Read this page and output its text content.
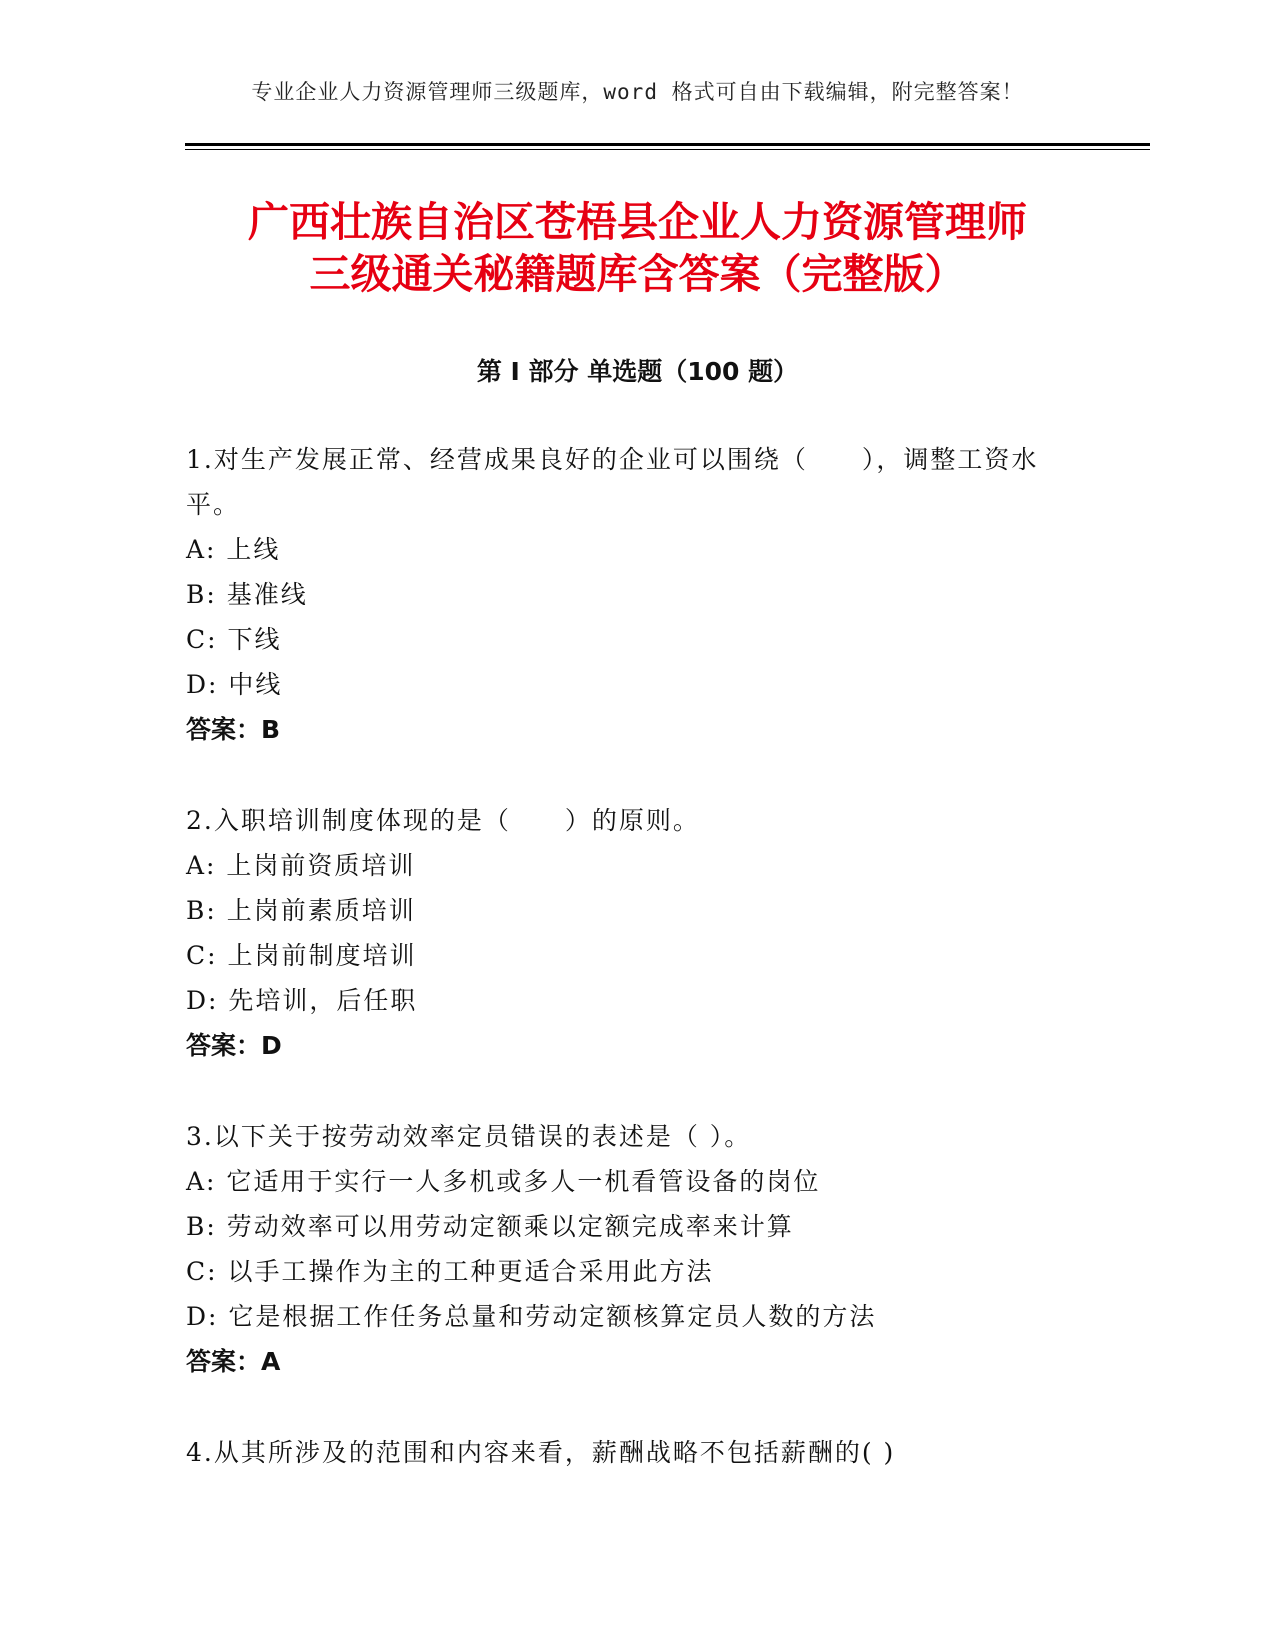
专业企业人力资源管理师三级题库，word 格式可自由下载编辑，附完整答案！
广西壮族自治区苍梧县企业人力资源管理师
三级通关秘籍题库含答案（完整版）
第 I 部分 单选题（100 题）
1.对生产发展正常、经营成果良好的企业可以围绕（　　），调整工资水平。
A: 上线
B: 基准线
C: 下线
D: 中线
答案：B
2.入职培训制度体现的是（　　）的原则。
A: 上岗前资质培训
B: 上岗前素质培训
C: 上岗前制度培训
D: 先培训，后任职
答案：D
3.以下关于按劳动效率定员错误的表述是（ ）。
A: 它适用于实行一人多机或多人一机看管设备的岗位
B: 劳动效率可以用劳动定额乘以定额完成率来计算
C: 以手工操作为主的工种更适合采用此方法
D: 它是根据工作任务总量和劳动定额核算定员人数的方法
答案：A
4.从其所涉及的范围和内容来看，薪酬战略不包括薪酬的( )
